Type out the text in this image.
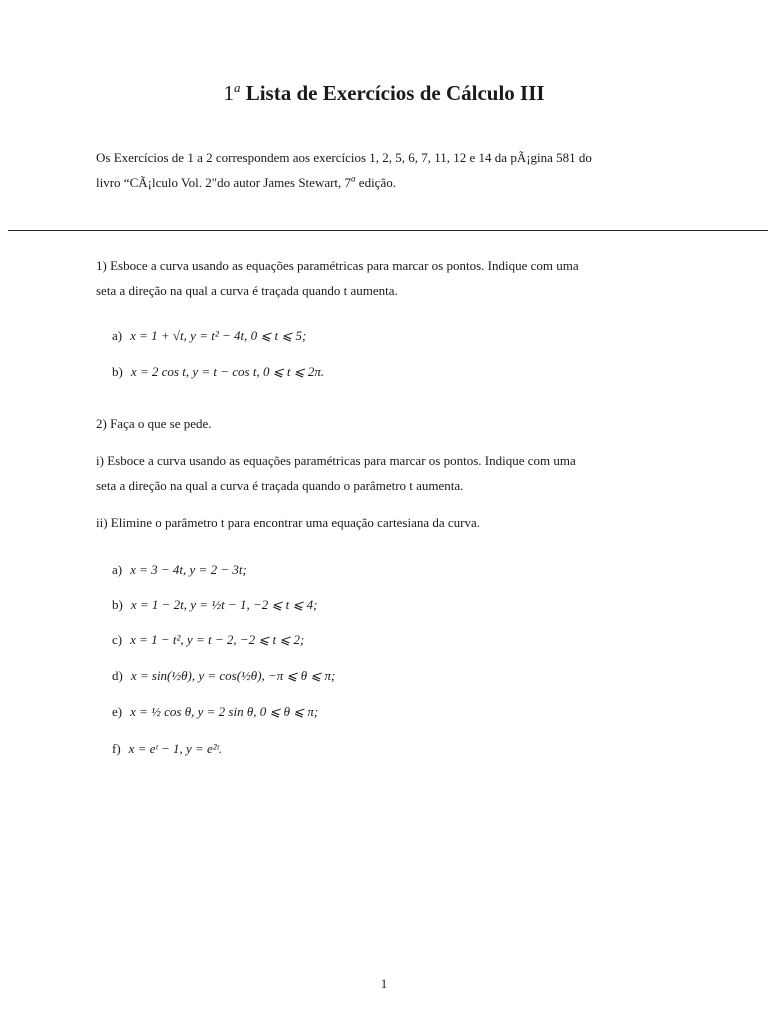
1$^a$ Lista de Exercícios de Cálculo III

Os Exercícios de 1 a 2 correspondem aos exercícios 1, 2, 5, 6, 7, 11, 12 e 14 da pÃ¡gina 581 do
livro “CÃ¡lculo Vol. 2"do autor James Stewart, 7$^a$ edição.

1) Esboce a curva usando as equações paramétricas para marcar os pontos. Indique com uma
seta a direção na qual a curva é traçada quando t aumenta.

a) x = 1 + √t, y = t² − 4t, 0 ⩽ t ⩽ 5;
b) x = 2 cos t, y = t − cos t, 0 ⩽ t ⩽ 2π.

2) Faça o que se pede.

i) Esboce a curva usando as equações paramétricas para marcar os pontos. Indique com uma
seta a direção na qual a curva é traçada quando o parâmetro t aumenta.

ii) Elimine o parâmetro t para encontrar uma equação cartesiana da curva.

a) x = 3 − 4t, y = 2 − 3t;
b) x = 1 − 2t, y = ½t − 1, −2 ⩽ t ⩽ 4;
c) x = 1 − t², y = t − 2, −2 ⩽ t ⩽ 2;
d) x = sin(½θ), y = cos(½θ), −π ⩽ θ ⩽ π;
e) x = ½ cos θ, y = 2 sin θ, 0 ⩽ θ ⩽ π;
f) x = eᵗ − 1, y = e²ᵗ.
1
